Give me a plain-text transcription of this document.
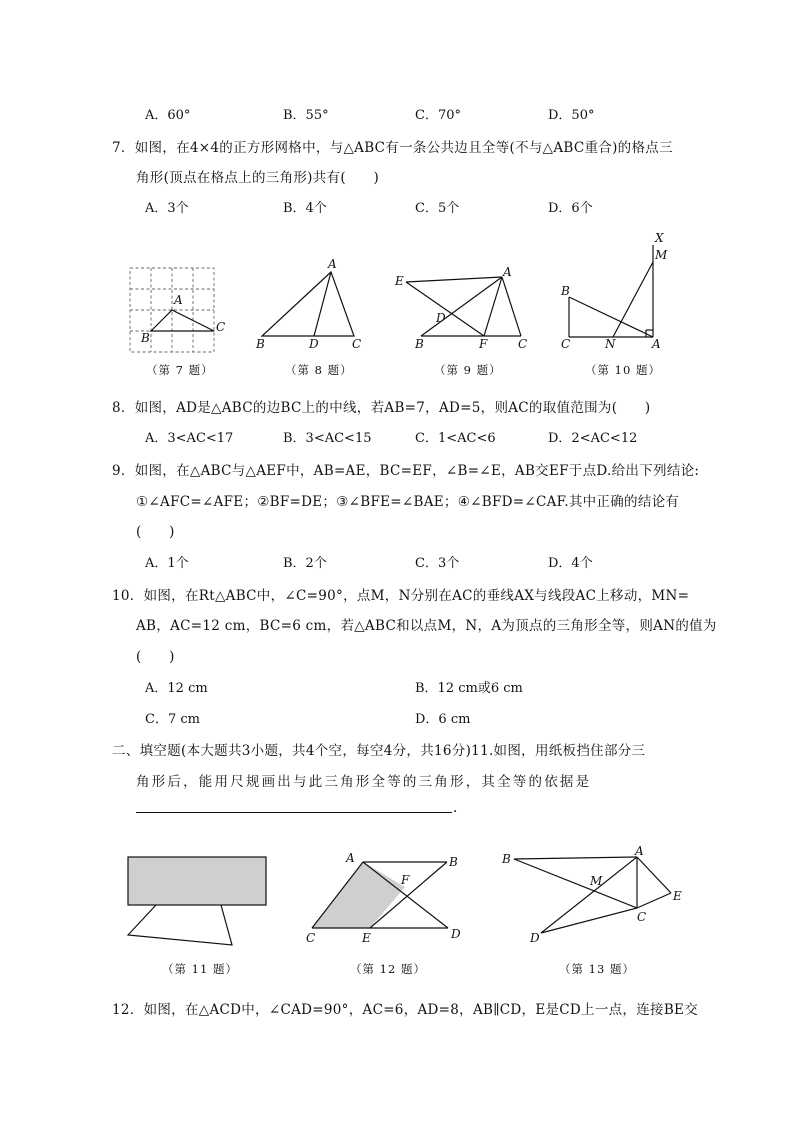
A．60°	B．55°	C．70°	D．50°
7．如图，在4×4的正方形网格中，与△ABC有一条公共边且全等(不与△ABC重合)的格点三
角形(顶点在格点上的三角形)共有(　　)
A．3个	B．4个	C．5个	D．6个
A
B
C
A
B	D	C
E
A
D
B	F	C
X
M
B
C	N	A
（第 7 题）	（第 8 题）	（第 9 题）	（第 10 题）
8．如图，AD是△ABC的边BC上的中线，若AB=7，AD=5，则AC的取值范围为(　　)
A．3<AC<17	B．3<AC<15	C．1<AC<6	D．2<AC<12
9．如图，在△ABC与△AEF中，AB=AE，BC=EF，∠B=∠E，AB交EF于点D.给出下列结论:
①∠AFC=∠AFE；②BF=DE；③∠BFE=∠BAE；④∠BFD=∠CAF.其中正确的结论有
(　　)
A．1个	B．2个	C．3个	D．4个
10．如图，在Rt△ABC中，∠C=90°，点M，N分别在AC的垂线AX与线段AC上移动，MN=
AB，AC=12 cm，BC=6 cm，若△ABC和以点M，N，A为顶点的三角形全等，则AN的值为
(　　)
A．12 cm	B．12 cm或6 cm
C．7 cm	D．6 cm
二、填空题(本大题共3小题，共4个空，每空4分，共16分)11.如图，用纸板挡住部分三
角形后，能用尺规画出与此三角形全等的三角形，其全等的依据是
.
A	B
F
C	E	D
B
A
M
E
C
D
（第 11 题）	（第 12 题）	（第 13 题）
12．如图，在△ACD中，∠CAD=90°，AC=6，AD=8，AB∥CD，E是CD上一点，连接BE交
